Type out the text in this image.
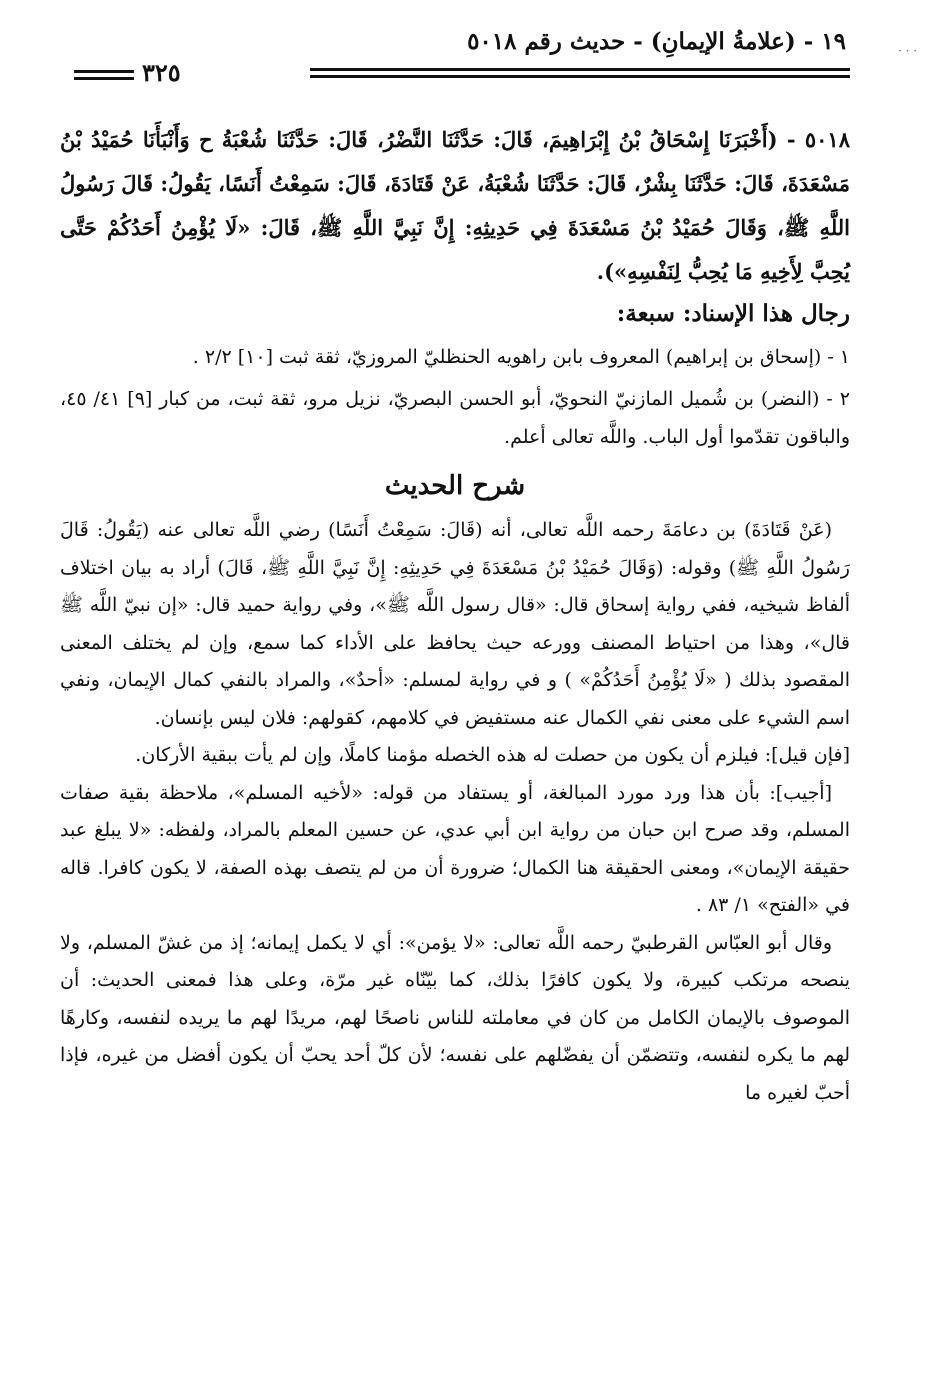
١٩ - (علامةُ الإيمانِ) - حديث رقم ٥٠١٨
٣٢٥

٥٠١٨ - (أَخْبَرَنَا إِسْحَاقُ بْنُ إِبْرَاهِيمَ، قَالَ: حَدَّثَنَا النَّضْرُ، قَالَ: حَدَّثَنَا شُعْبَةُ ح وَأَنْبَأَنَا حُمَيْدُ بْنُ مَسْعَدَةَ، قَالَ: حَدَّثَنَا بِشْرٌ، قَالَ: حَدَّثَنَا شُعْبَةُ، عَنْ قَتَادَةَ، قَالَ: سَمِعْتُ أَنَسًا، يَقُولُ: قَالَ رَسُولُ اللَّهِ ﷺ، وَقَالَ حُمَيْدُ بْنُ مَسْعَدَةَ فِي حَدِيثِهِ: إِنَّ نَبِيَّ اللَّهِ ﷺ، قَالَ: «لَا يُؤْمِنُ أَحَدُكُمْ حَتَّى يُحِبَّ لِأَخِيهِ مَا يُحِبُّ لِنَفْسِهِ»).

رجال هذا الإسناد: سبعة:

١ - (إسحاق بن إبراهيم) المعروف بابن راهويه الحنظليّ المروزيّ، ثقة ثبت [١٠] ٢/٢ .

٢ - (النضر) بن شُميل المازنيّ النحويّ، أبو الحسن البصريّ، نزيل مرو، ثقة ثبت، من كبار [٩] ٤١/ ٤٥، والباقون تقدّموا أول الباب. واللَّه تعالى أعلم.

شرح الحديث

(عَنْ قَتَادَةَ) بن دعامَةَ رحمه اللَّه تعالى، أنه (قَالَ: سَمِعْتُ أَنَسًا) رضي اللَّه تعالى عنه (يَقُولُ: قَالَ رَسُولُ اللَّهِ ﷺ) وقوله: (وَقَالَ حُمَيْدُ بْنُ مَسْعَدَةَ فِي حَدِيثِهِ: إِنَّ نَبِيَّ اللَّهِ ﷺ، قَالَ) أراد به بيان اختلاف ألفاظ شيخيه، ففي رواية إسحاق قال: «قال رسول اللَّه ﷺ»، وفي رواية حميد قال: «إن نبيّ اللَّه ﷺ قال»، وهذا من احتياط المصنف وورعه حيث يحافظ على الأداء كما سمع، وإن لم يختلف المعنى المقصود بذلك ( «لَا يُؤْمِنُ أَحَدُكُمْ» ) و في رواية لمسلم: «أحدٌ»، والمراد بالنفي كمال الإيمان، ونفي اسم الشيء على معنى نفي الكمال عنه مستفيض في كلامهم، كقولهم: فلان ليس بإنسان.

[فإن قيل]: فيلزم أن يكون من حصلت له هذه الخصله مؤمنا كاملًا، وإن لم يأت ببقية الأركان.

[أجيب]: بأن هذا ورد مورد المبالغة، أو يستفاد من قوله: «لأخيه المسلم»، ملاحظة بقية صفات المسلم، وقد صرح ابن حبان من رواية ابن أبي عدي، عن حسين المعلم بالمراد، ولفظه: «لا يبلغ عبد حقيقة الإيمان»، ومعنى الحقيقة هنا الكمال؛ ضرورة أن من لم يتصف بهذه الصفة، لا يكون كافرا. قاله في «الفتح» ١/ ٨٣ .

وقال أبو العبّاس القرطبيّ رحمه اللَّه تعالى: «لا يؤمن»: أي لا يكمل إيمانه؛ إذ من غشّ المسلم، ولا ينصحه مرتكب كبيرة، ولا يكون كافرًا بذلك، كما بيّنّاه غير مرّة، وعلى هذا فمعنى الحديث: أن الموصوف بالإيمان الكامل من كان في معاملته للناس ناصحًا لهم، مريدًا لهم ما يريده لنفسه، وكارهًا لهم ما يكره لنفسه، وتتضمّن أن يفضّلهم على نفسه؛ لأن كلّ أحد يحبّ أن يكون أفضل من غيره، فإذا أحبّ لغيره ما

· · ·
